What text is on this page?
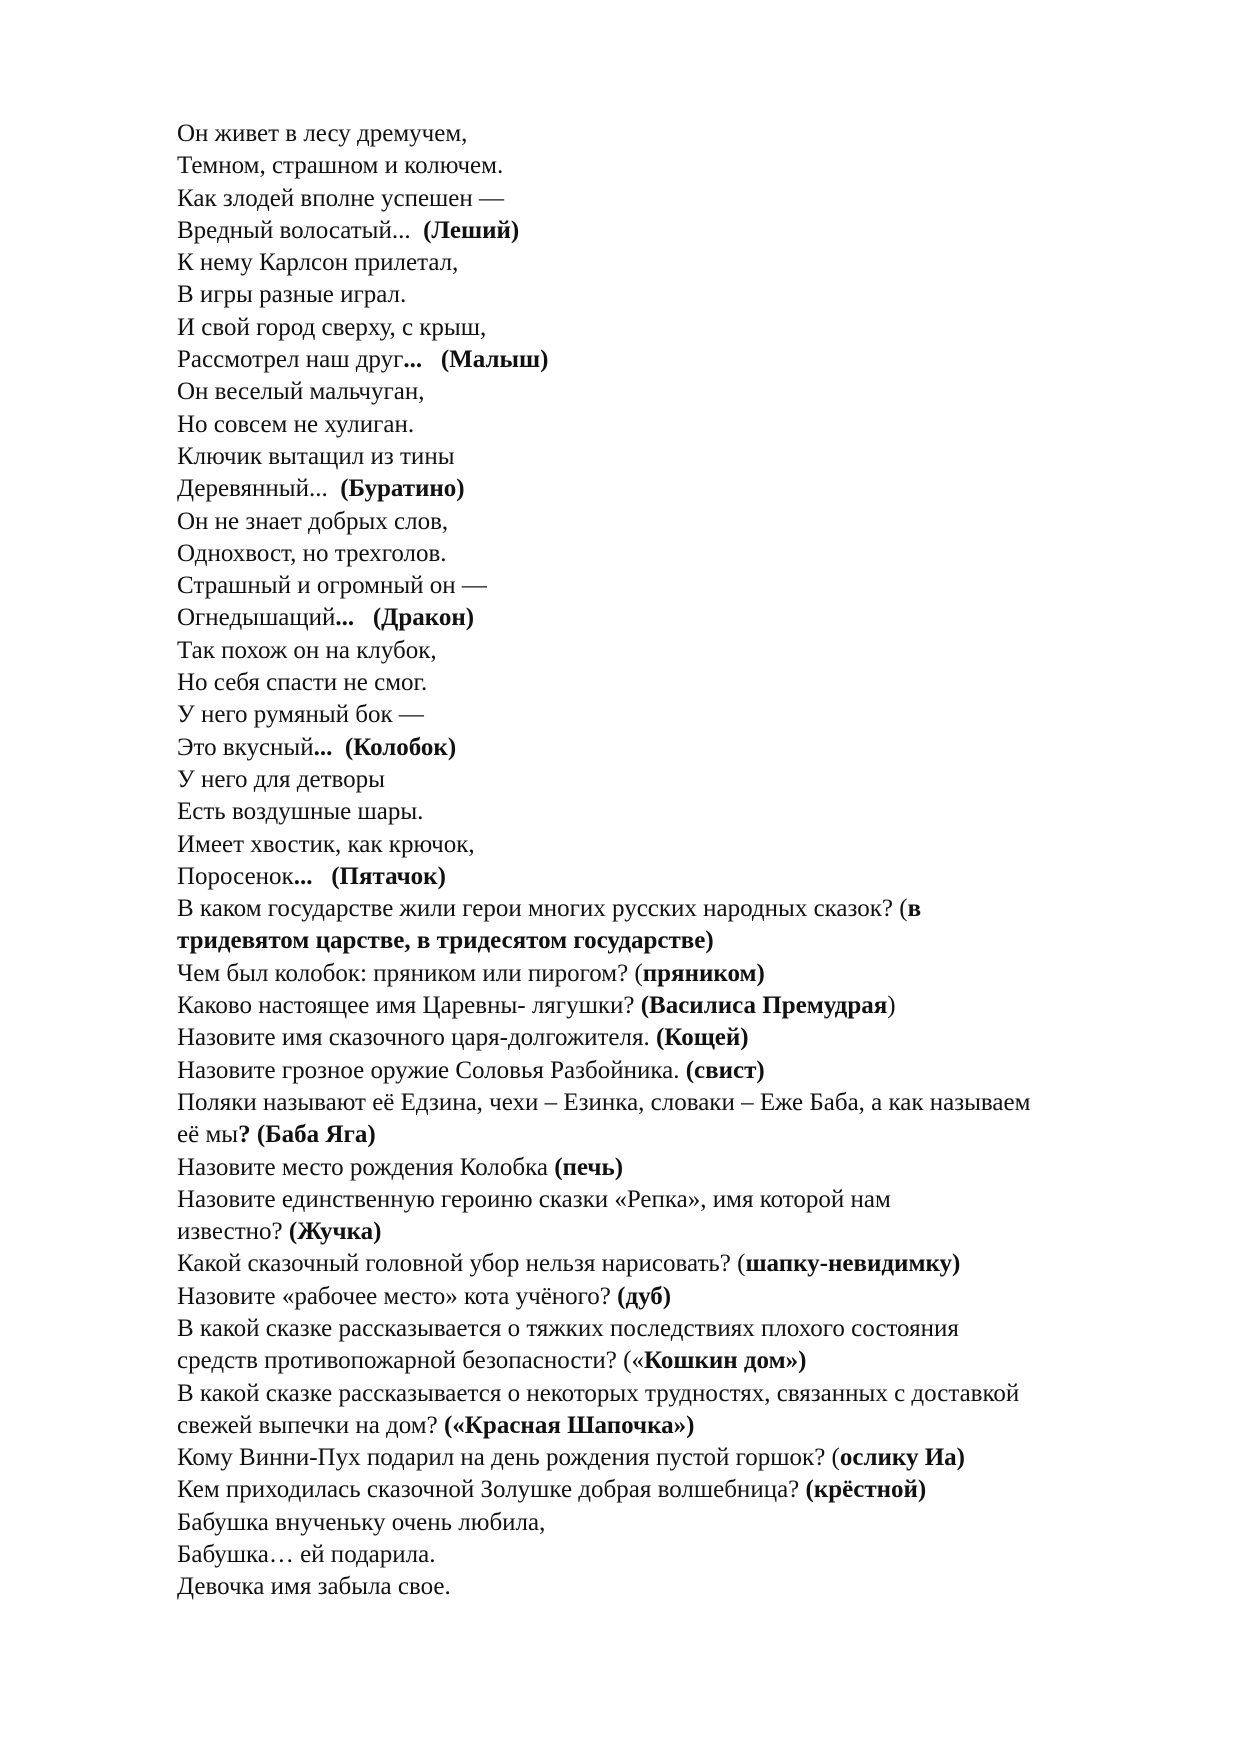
Он живет в лесу дремучем,
Темном, страшном и колючем.
Как злодей вполне успешен —
Вредный волосатый...  (Леший)
К нему Карлсон прилетал,
В игры разные играл.
И свой город сверху, с крыш,
Рассмотрел наш друг...   (Малыш)
Он веселый мальчуган,
Но совсем не хулиган.
Ключик вытащил из тины
Деревянный...  (Буратино)
Он не знает добрых слов,
Однохвост, но трехголов.
Страшный и огромный он —
Огнедышащий...   (Дракон)
Так похож он на клубок,
Но себя спасти не смог.
У него румяный бок —
Это вкусный...  (Колобок)
У него для детворы
Есть воздушные шары.
Имеет хвостик, как крючок,
Поросенок...   (Пятачок)
В каком государстве жили герои многих русских народных сказок? (в
тридевятом царстве, в тридесятом государстве)
Чем был колобок: пряником или пирогом? (пряником)
Каково настоящее имя Царевны- лягушки? (Василиса Премудрая)
Назовите имя сказочного царя-долгожителя. (Кощей)
Назовите грозное оружие Соловья Разбойника. (свист)
Поляки называют её Едзина, чехи – Езинка, словаки – Еже Баба, а как называем
её мы? (Баба Яга)
Назовите место рождения Колобка (печь)
Назовите единственную героиню сказки «Репка», имя которой нам
известно? (Жучка)
Какой сказочный головной убор нельзя нарисовать? (шапку-невидимку)
Назовите «рабочее место» кота учёного? (дуб)
В какой сказке рассказывается о тяжких последствиях плохого состояния
средств противопожарной безопасности? («Кошкин дом»)
В какой сказке рассказывается о некоторых трудностях, связанных с доставкой
свежей выпечки на дом? («Красная Шапочка»)
Кому Винни-Пух подарил на день рождения пустой горшок? (ослику Иа)
Кем приходилась сказочной Золушке добрая волшебница? (крёстной)
Бабушка внученьку очень любила,
Бабушка… ей подарила.
Девочка имя забыла свое.
